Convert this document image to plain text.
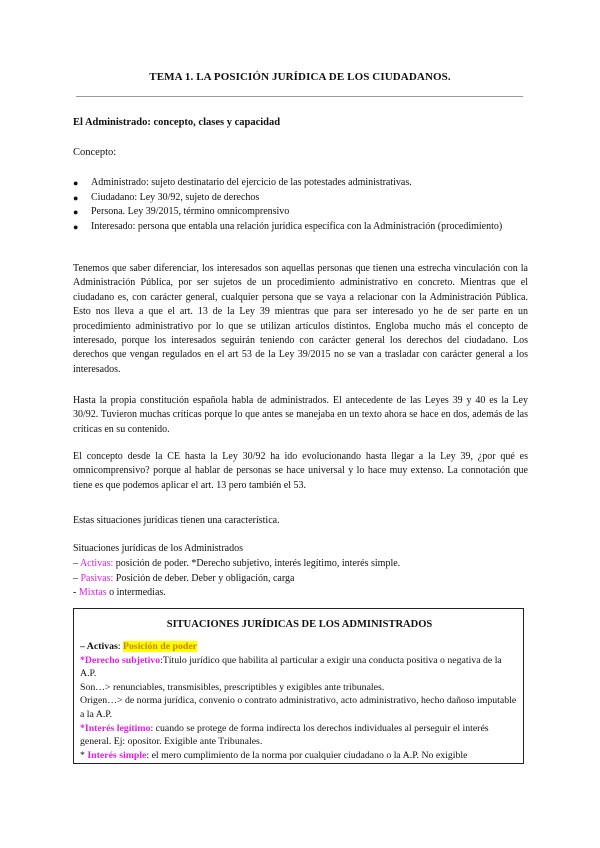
TEMA 1. LA POSICIÓN JURÍDICA DE LOS CIUDADANOS.
El Administrado: concepto, clases y capacidad
Concepto:
● Administrado: sujeto destinatario del ejercicio de las potestades administrativas.
● Ciudadano: Ley 30/92, sujeto de derechos
● Persona. Ley 39/2015, término omnicomprensivo
● Interesado: persona que entabla una relación jurídica específica con la Administración (procedimiento)

Tenemos que saber diferenciar, los interesados son aquellas personas que tienen una estrecha vinculación con la Administración Pública, por ser sujetos de un procedimiento administrativo en concreto. Mientras que el ciudadano es, con carácter general, cualquier persona que se vaya a relacionar con la Administración Pública. Esto nos lleva a que el art. 13 de la Ley 39 mientras que para ser interesado yo he de ser parte en un procedimiento administrativo por lo que se utilizan artículos distintos. Engloba mucho más el concepto de interesado, porque los interesados seguirán teniendo con carácter general los derechos del ciudadano. Los derechos que vengan regulados en el art 53 de la Ley 39/2015 no se van a trasladar con carácter general a los interesados.

Hasta la propia constitución española habla de administrados. El antecedente de las Leyes 39 y 40 es la Ley 30/92. Tuvieron muchas críticas porque lo que antes se manejaba en un texto ahora se hace en dos, además de las críticas en su contenido.

El concepto desde la CE hasta la Ley 30/92 ha ido evolucionando hasta llegar a la Ley 39, ¿por qué es omnicomprensivo? porque al hablar de personas se hace universal y lo hace muy extenso. La connotación que tiene es que podemos aplicar el art. 13 pero también el 53.

Estas situaciones jurídicas tienen una característica.

Situaciones jurídicas de los Administrados
– Activas: posición de poder. *Derecho subjetivo, interés legítimo, interés simple.
– Pasivas: Posición de deber. Deber y obligación, carga
- Mixtas o intermedias.
SITUACIONES JURÍDICAS DE LOS ADMINISTRADOS
– Activas: Posición de poder
*Derecho subjetivo:Título jurídico que habilita al particular a exigir una conducta positiva o negativa de la A.P.
Son…> renunciables, transmisibles, prescriptibles y exigibles ante tribunales.
Origen…> de norma jurídica, convenio o contrato administrativo, acto administrativo, hecho dañoso imputable a la A.P.
*Interés legítimo: cuando se protege de forma indirecta los derechos individuales al perseguir el interés general. Ej: opositor. Exigible ante Tribunales.
* Interés simple: el mero cumplimiento de la norma por cualquier ciudadano o la A.P. No exigible
